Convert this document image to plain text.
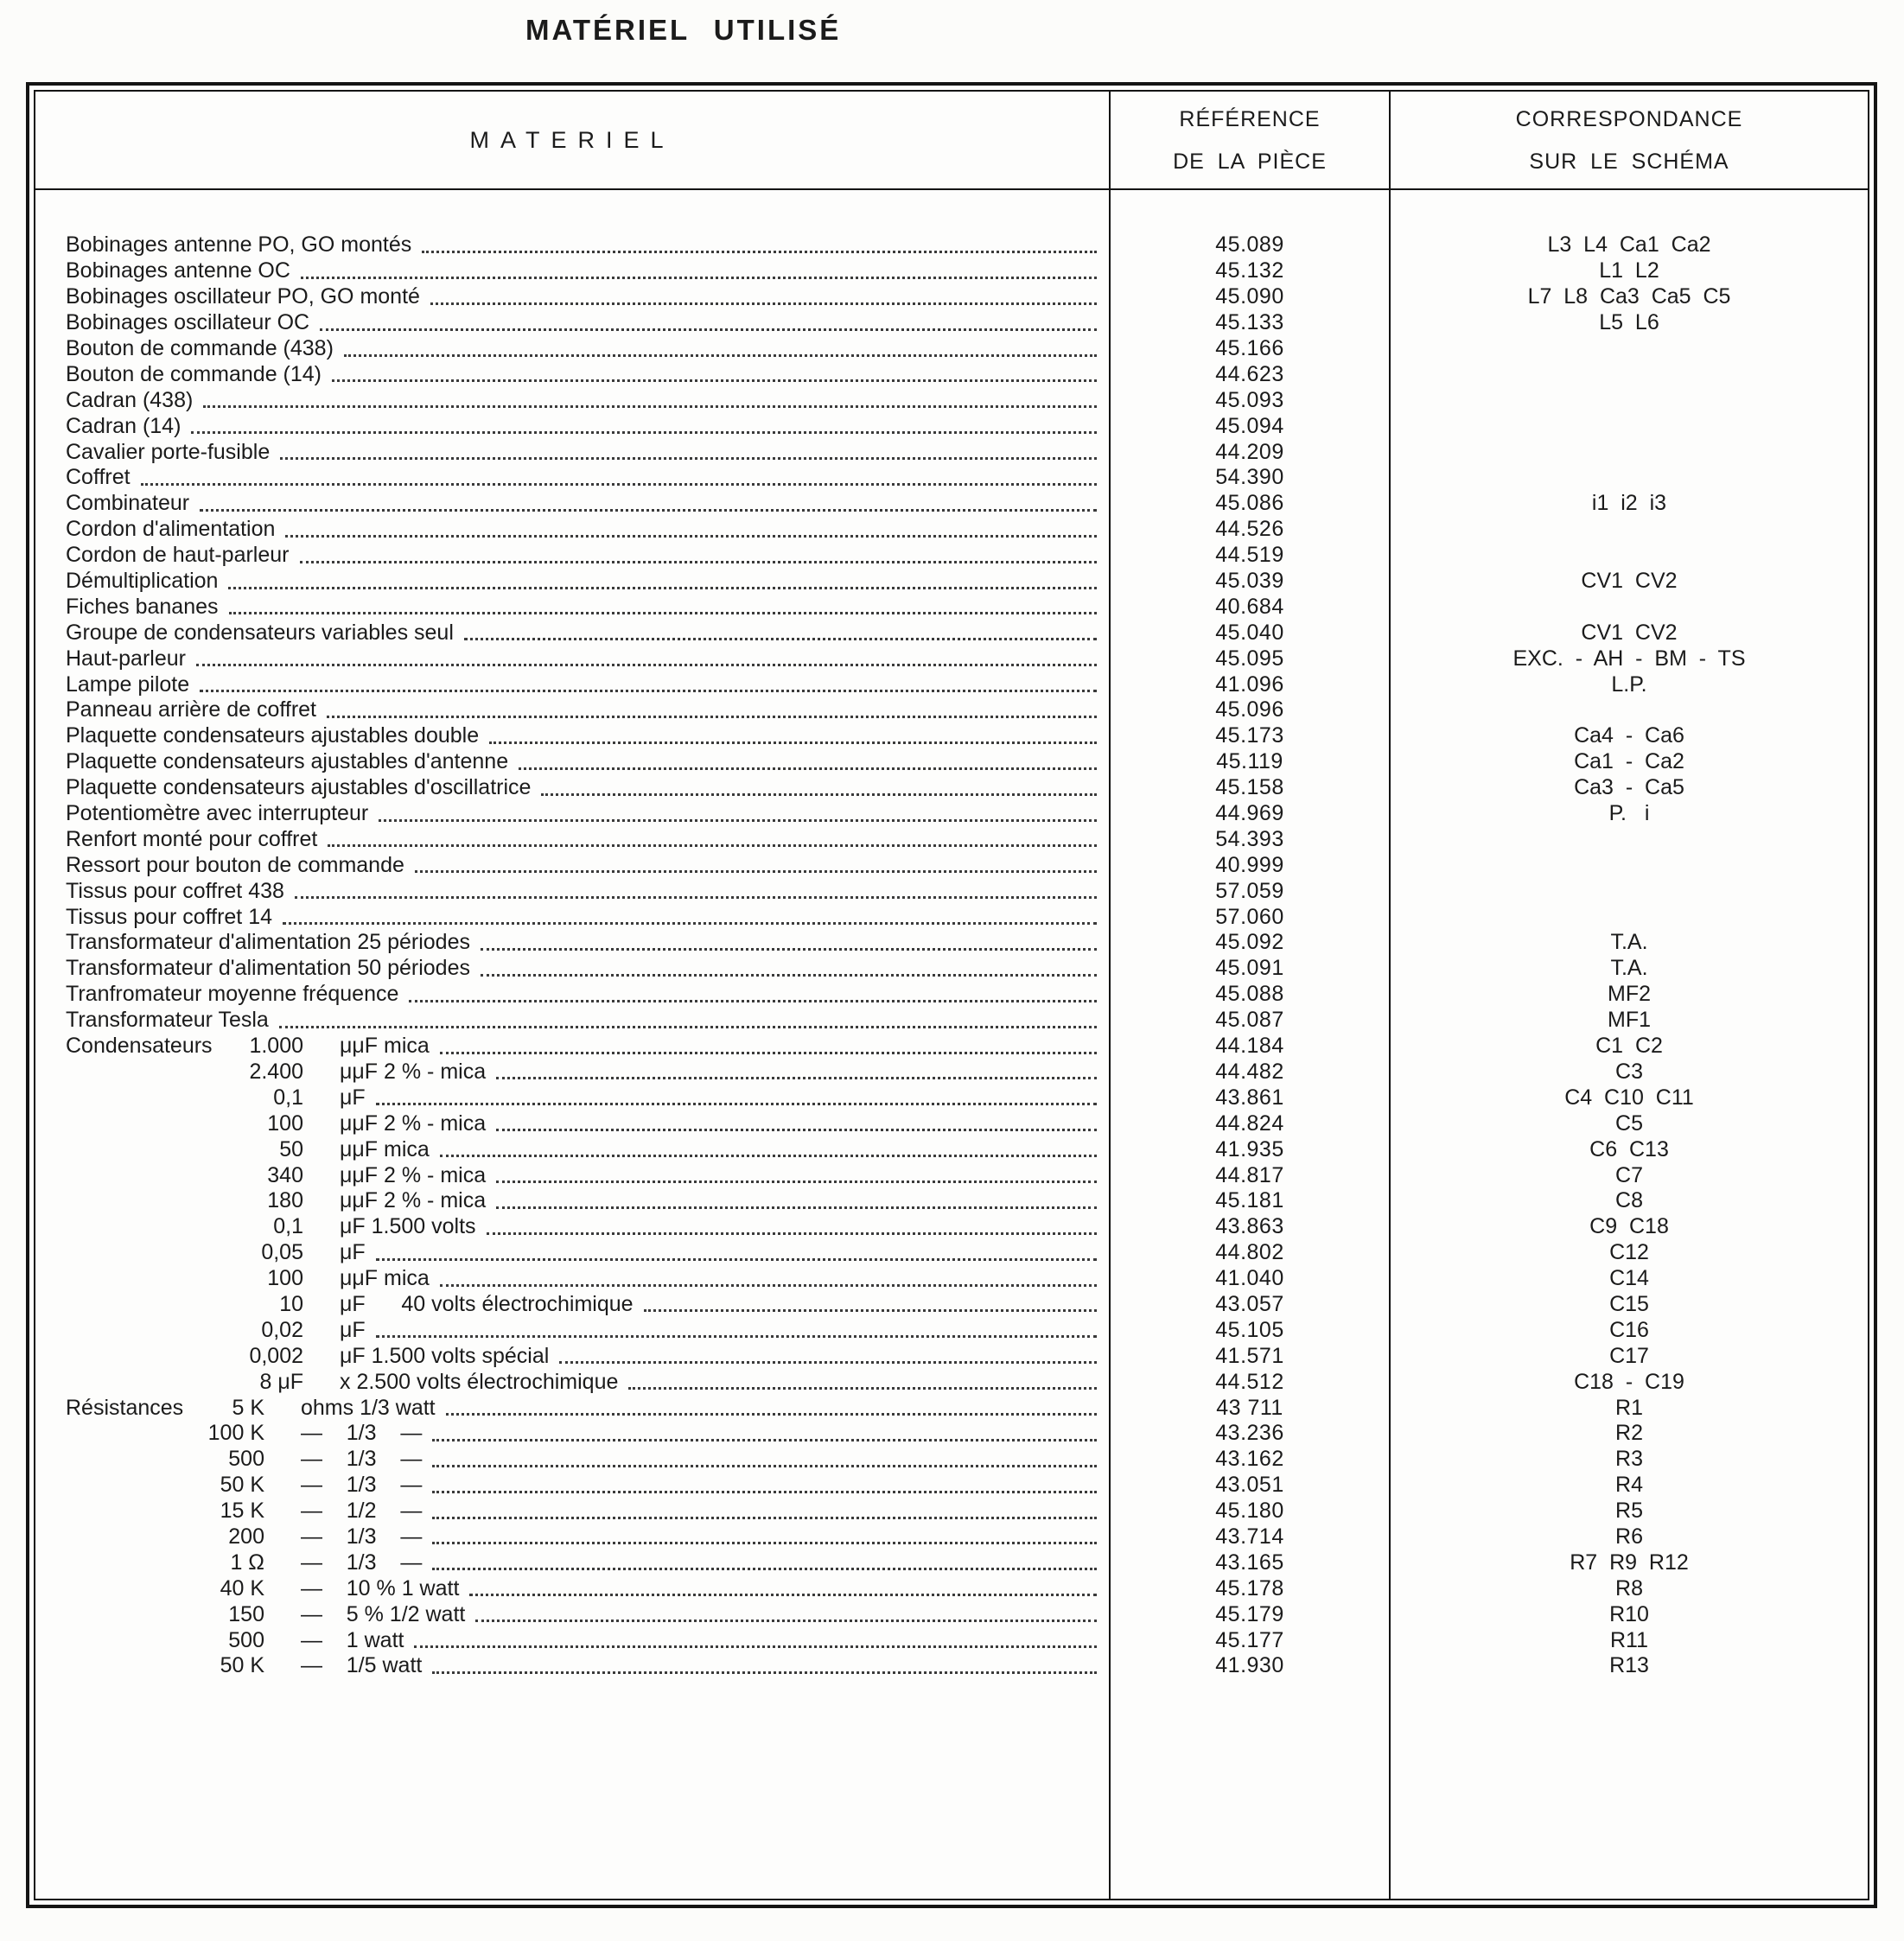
MATÉRIEL UTILISÉ
MATERIEL
RÉFÉRENCE
DE LA PIÈCE
CORRESPONDANCE
SUR LE SCHÉMA
Bobinages antenne PO, GO montés	45.089	L3  L4  Ca1  Ca2
Bobinages antenne OC	45.132	L1  L2
Bobinages oscillateur PO, GO monté	45.090	L7  L8  Ca3  Ca5  C5
Bobinages oscillateur OC	45.133	L5  L6
Bouton de commande (438)	45.166
Bouton de commande (14)	44.623
Cadran (438)	45.093
Cadran (14)	45.094
Cavalier porte-fusible	44.209
Coffret	54.390
Combinateur	45.086	i1  i2  i3
Cordon d'alimentation	44.526
Cordon de haut-parleur	44.519
Démultiplication	45.039	CV1  CV2
Fiches bananes	40.684
Groupe de condensateurs variables seul	45.040	CV1  CV2
Haut-parleur	45.095	EXC.  -  AH  -  BM  -  TS
Lampe pilote	41.096	L.P.
Panneau arrière de coffret	45.096
Plaquette condensateurs ajustables double	45.173	Ca4  -  Ca6
Plaquette condensateurs ajustables d'antenne	45.119	Ca1  -  Ca2
Plaquette condensateurs ajustables d'oscillatrice	45.158	Ca3  -  Ca5
Potentiomètre avec interrupteur	44.969	P.   i
Renfort monté pour coffret	54.393
Ressort pour bouton de commande	40.999
Tissus pour coffret 438	57.059
Tissus pour coffret 14	57.060
Transformateur d'alimentation 25 périodes	45.092	T.A.
Transformateur d'alimentation 50 périodes	45.091	T.A.
Tranfromateur moyenne fréquence	45.088	MF2
Transformateur Tesla	45.087	MF1
Condensateurs	1.000 μμF mica	44.184	C1  C2
2.400 μμF 2 % - mica	44.482	C3
0,1 μF	43.861	C4  C10  C11
100 μμF 2 % - mica	44.824	C5
50 μμF mica	41.935	C6  C13
340 μμF 2 % - mica	44.817	C7
180 μμF 2 % - mica	45.181	C8
0,1 μF 1.500 volts	43.863	C9  C18
0,05 μF	44.802	C12
100 μμF mica	41.040	C14
10 μF      40 volts électrochimique	43.057	C15
0,02 μF	45.105	C16
0,002 μF 1.500 volts spécial	41.571	C17
8 μF x 2.500 volts électrochimique	44.512	C18  -  C19
Résistances	5 K ohms 1/3 watt	43 711	R1
100 K —    1/3    —	43.236	R2
500 —    1/3    —	43.162	R3
50 K —    1/3    —	43.051	R4
15 K —    1/2    —	45.180	R5
200 —    1/3    —	43.714	R6
1 Ω —    1/3    —	43.165	R7  R9  R12
40 K —    10 % 1 watt	45.178	R8
150 —    5 % 1/2 watt	45.179	R10
500 —    1 watt	45.177	R11
50 K —    1/5 watt	41.930	R13
